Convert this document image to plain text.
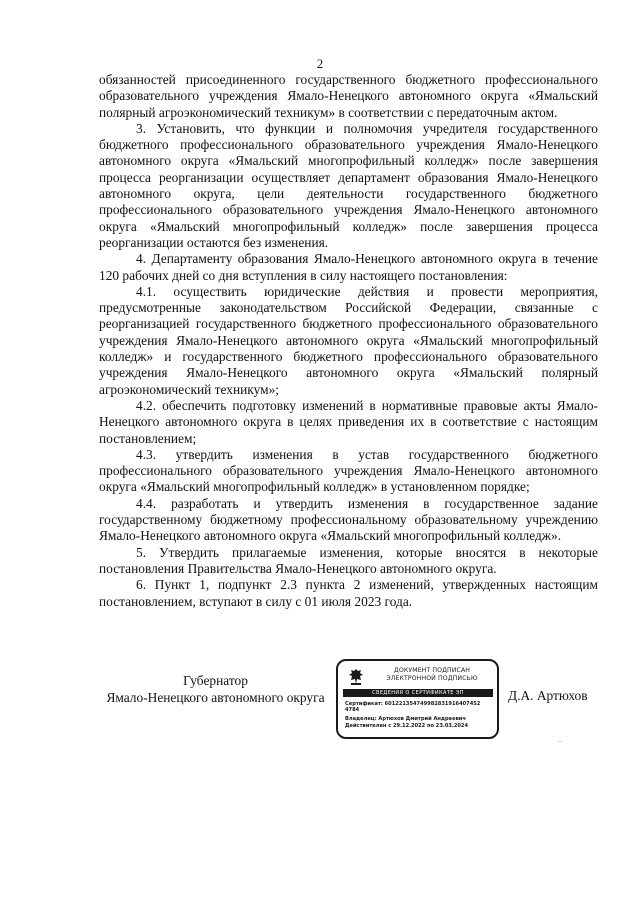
2

обязанностей присоединенного государственного бюджетного профессионального образовательного учреждения Ямало-Ненецкого автономного округа «Ямальский полярный агроэкономический техникум» в соответствии с передаточным актом.

3. Установить, что функции и полномочия учредителя государственного бюджетного профессионального образовательного учреждения Ямало-Ненецкого автономного округа «Ямальский многопрофильный колледж» после завершения процесса реорганизации осуществляет департамент образования Ямало-Ненецкого автономного округа, цели деятельности государственного бюджетного профессионального образовательного учреждения Ямало-Ненецкого автономного округа «Ямальский многопрофильный колледж» после завершения процесса реорганизации остаются без изменения.

4. Департаменту образования Ямало-Ненецкого автономного округа в течение 120 рабочих дней со дня вступления в силу настоящего постановления:

4.1. осуществить юридические действия и провести мероприятия, предусмотренные законодательством Российской Федерации, связанные с реорганизацией государственного бюджетного профессионального образовательного учреждения Ямало-Ненецкого автономного округа «Ямальский многопрофильный колледж» и государственного бюджетного профессионального образовательного учреждения Ямало-Ненецкого автономного округа «Ямальский полярный агроэкономический техникум»;

4.2. обеспечить подготовку изменений в нормативные правовые акты Ямало-Ненецкого автономного округа в целях приведения их в соответствие с настоящим постановлением;

4.3. утвердить изменения в устав государственного бюджетного профессионального образовательного учреждения Ямало-Ненецкого автономного округа «Ямальский многопрофильный колледж» в установленном порядке;

4.4. разработать и утвердить изменения в государственное задание государственному бюджетному профессиональному образовательному учреждению Ямало-Ненецкого автономного округа «Ямальский многопрофильный колледж».

5. Утвердить прилагаемые изменения, которые вносятся в некоторые постановления Правительства Ямало-Ненецкого автономного округа.

6. Пункт 1, подпункт 2.3 пункта 2 изменений, утвержденных настоящим постановлением, вступают в силу с 01 июля 2023 года.

Губернатор
Ямало-Ненецкого автономного округа
ДОКУМЕНТ ПОДПИСАН
ЭЛЕКТРОННОЙ ПОДПИСЬЮ
СВЕДЕНИЯ О СЕРТИФИКАТЕ ЭП
Сертификат: 601221354749982831916407452
4784
Владелец: Артюхов Дмитрий Андреевич
Действителен с 29.12.2022 по 23.03.2024
Д.А. Артюхов
